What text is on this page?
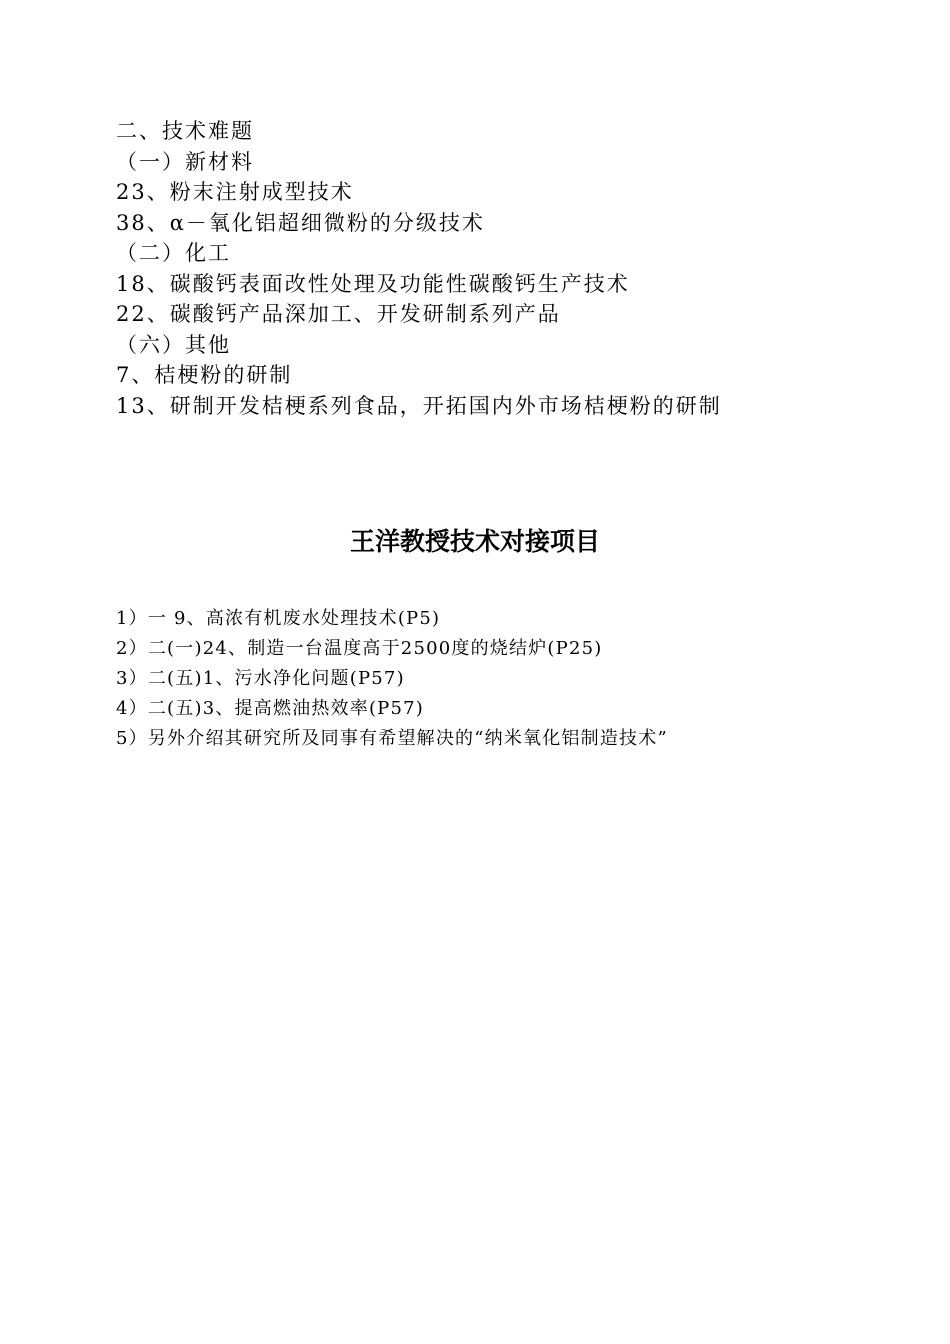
二、技术难题
（一）新材料
23、粉末注射成型技术
38、α－氧化铝超细微粉的分级技术
（二）化工
18、碳酸钙表面改性处理及功能性碳酸钙生产技术
22、碳酸钙产品深加工、开发研制系列产品
（六）其他
7、桔梗粉的研制
13、研制开发桔梗系列食品，开拓国内外市场桔梗粉的研制
王洋教授技术对接项目
1）一 9、高浓有机废水处理技术(P5)
2）二(一)24、制造一台温度高于2500度的烧结炉(P25)
3）二(五)1、污水净化问题(P57)
4）二(五)3、提高燃油热效率(P57)
5）另外介绍其研究所及同事有希望解决的“纳米氧化铝制造技术”
